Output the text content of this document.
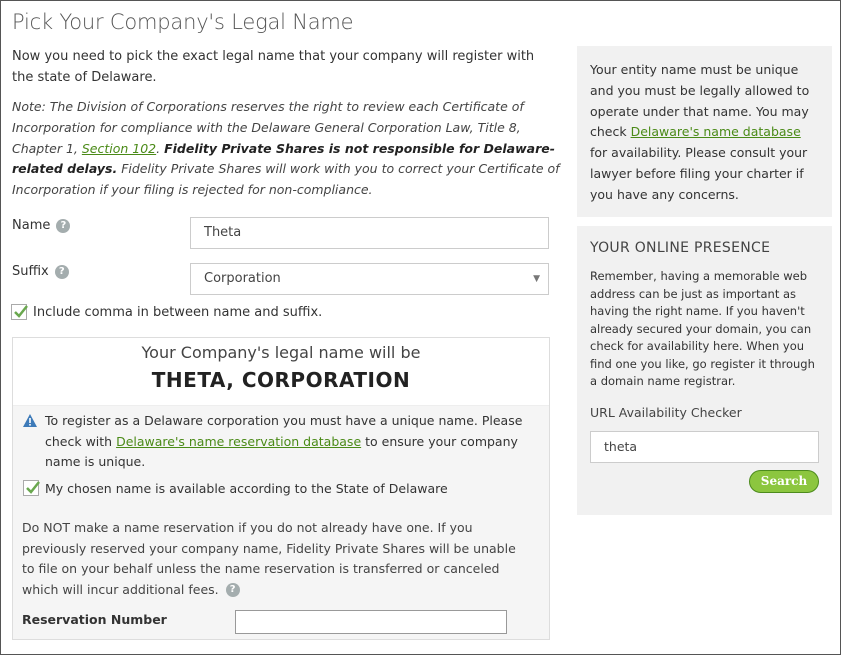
Pick Your Company's Legal Name
Now you need to pick the exact legal name that your company will register with the state of Delaware.
Note: The Division of Corporations reserves the right to review each Certificate of Incorporation for compliance with the Delaware General Corporation Law, Title 8, Chapter 1, Section 102. Fidelity Private Shares is not responsible for Delaware-related delays. Fidelity Private Shares will work with you to correct your Certificate of Incorporation if your filing is rejected for non-compliance.
Name	?	Theta
Suffix	?	Corporation	▼
Include comma in between name and suffix.
Your Company's legal name will be
THETA, CORPORATION
To register as a Delaware corporation you must have a unique name. Please check with Delaware's name reservation database to ensure your company name is unique.
My chosen name is available according to the State of Delaware
Do NOT make a name reservation if you do not already have one. If you previously reserved your company name, Fidelity Private Shares will be unable to file on your behalf unless the name reservation is transferred or canceled which will incur additional fees. ?
Reservation Number
Your entity name must be unique and you must be legally allowed to operate under that name. You may check Delaware's name database for availability. Please consult your lawyer before filing your charter if you have any concerns.
YOUR ONLINE PRESENCE
Remember, having a memorable web address can be just as important as having the right name. If you haven't already secured your domain, you can check for availability here. When you find one you like, go register it through a domain name registrar.
URL Availability Checker
theta
Search
